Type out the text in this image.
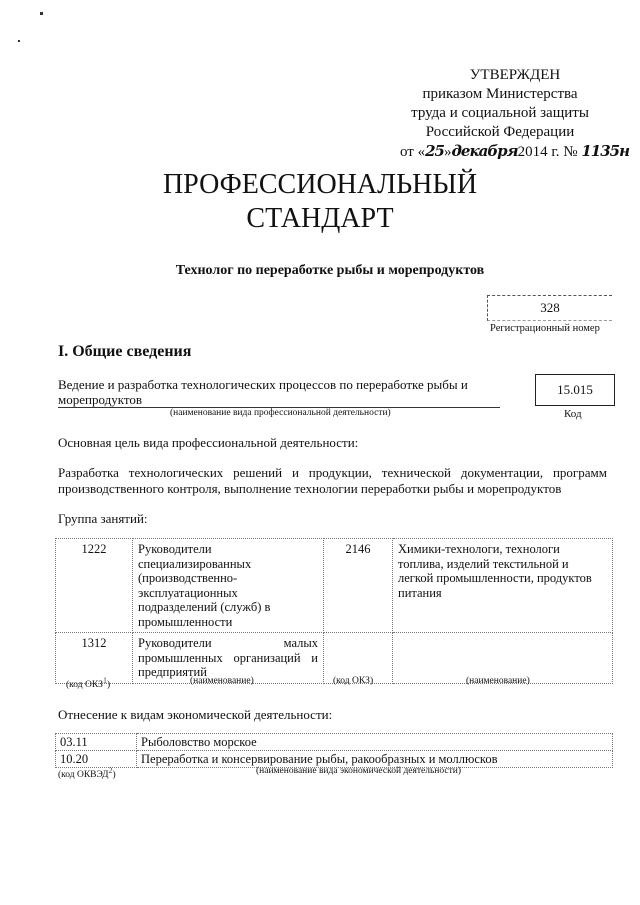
УТВЕРЖДЕН
приказом Министерства
труда и социальной защиты
Российской Федерации
от «25»декабря2014 г. № 1135н
ПРОФЕССИОНАЛЬНЫЙ
СТАНДАРТ
Технолог по переработке рыбы и морепродуктов
328
Регистрационный номер
I. Общие сведения
Ведение и разработка технологических процессов по переработке рыбы и морепродуктов
(наименование вида профессиональной деятельности)
15.015
Код
Основная цель вида профессиональной деятельности:
Разработка технологических решений и продукции, технической документации, программ производственного контроля, выполнение технологии переработки рыбы и морепродуктов
Группа занятий:
1222	Руководители специализированных (производственно-эксплуатационных подразделений (служб) в промышленности	2146	Химики-технологи, технологи топлива, изделий текстильной и легкой промышленности, продуктов питания
1312	Руководители малых промышленных организаций и предприятий		
(код ОКЗ$^1$)	(наименование)	(код ОКЗ)	(наименование)
Отнесение к видам экономической деятельности:
03.11	Рыболовство морское
10.20	Переработка и консервирование рыбы, ракообразных и моллюсков
(код ОКВЭД$^2$)	(наименование вида экономической деятельности)
